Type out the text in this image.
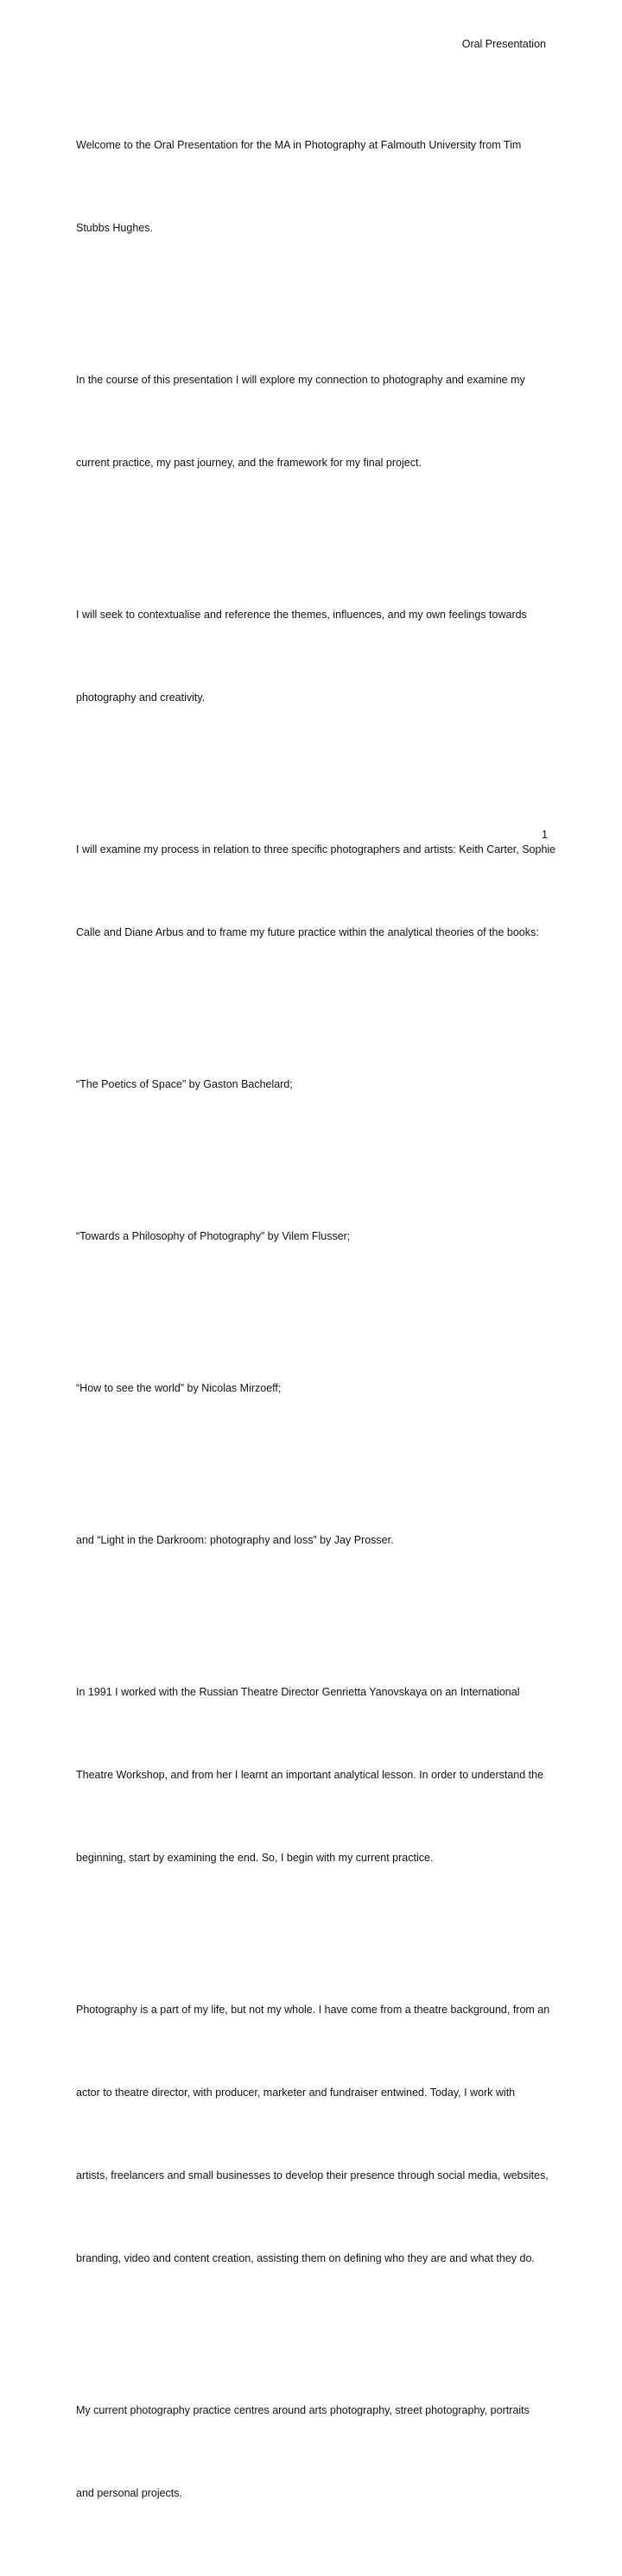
Oral Presentation

Welcome to the Oral Presentation for the MA in Photography at Falmouth University from Tim

Stubbs Hughes.

In the course of this presentation I will explore my connection to photography and examine my

current practice, my past journey, and the framework for my final project.

I will seek to contextualise and reference the themes, influences, and my own feelings towards

photography and creativity.

I will examine my process in relation to three specific photographers and artists: Keith Carter, Sophie

Calle and Diane Arbus and to frame my future practice within the analytical theories of the books:

“The Poetics of Space” by Gaston Bachelard;

“Towards a Philosophy of Photography” by Vilem Flusser;

“How to see the world” by Nicolas Mirzoeff;

and “Light in the Darkroom: photography and loss” by Jay Prosser.

In 1991 I worked with the Russian Theatre Director Genrietta Yanovskaya on an International

Theatre Workshop, and from her I learnt an important analytical lesson. In order to understand the

beginning, start by examining the end. So, I begin with my current practice.

Photography is a part of my life, but not my whole. I have come from a theatre background, from an

actor to theatre director, with producer, marketer and fundraiser entwined. Today, I work with

artists, freelancers and small businesses to develop their presence through social media, websites,

branding, video and content creation, assisting them on defining who they are and what they do.

My current photography practice centres around arts photography, street photography, portraits

and personal projects.

1
